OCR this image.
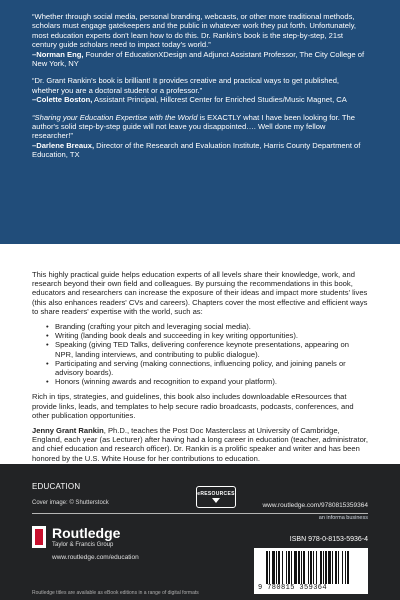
“Whether through social media, personal branding, webcasts, or other more traditional methods, scholars must engage gatekeepers and the public in whatever work they put forth. Unfortunately, most education experts don't learn how to do this. Dr. Rankin's book is the step-by-step, 21st century guide scholars need to impact today's world.”

–Norman Eng, Founder of EducationXDesign and Adjunct Assistant Professor, The City College of New York, NY

“Dr. Grant Rankin's book is brilliant! It provides creative and practical ways to get published, whether you are a doctoral student or a professor.”

–Colette Boston, Assistant Principal, Hillcrest Center for Enriched Studies/Music Magnet, CA

“Sharing your Education Expertise with the World is EXACTLY what I have been looking for. The author's solid step-by-step guide will not leave you disappointed…. Well done my fellow researcher!”

–Darlene Breaux, Director of the Research and Evaluation Institute, Harris County Department of Education, TX

This highly practical guide helps education experts of all levels share their knowledge, work, and research beyond their own field and colleagues. By pursuing the recommendations in this book, educators and researchers can increase the exposure of their ideas and impact more students' lives (this also enhances readers' CVs and careers). Chapters cover the most effective and efficient ways to share readers' expertise with the world, such as:

• Branding (crafting your pitch and leveraging social media).
• Writing (landing book deals and succeeding in key writing opportunities).
• Speaking (giving TED Talks, delivering conference keynote presentations, appearing on NPR, landing interviews, and contributing to public dialogue).
• Participating and serving (making connections, influencing policy, and joining panels or advisory boards).
• Honors (winning awards and recognition to expand your platform).

Rich in tips, strategies, and guidelines, this book also includes downloadable eResources that provide links, leads, and templates to help secure radio broadcasts, podcasts, conferences, and other publication opportunities.

Jenny Grant Rankin, Ph.D., teaches the Post Doc Masterclass at University of Cambridge, England, each year (as Lecturer) after having had a long career in education (teacher, administrator, and chief education and research officer). Dr. Rankin is a prolific speaker and writer and has been honored by the U.S. White House for her contributions to education.

EDUCATION
Cover image: © Shutterstock
eRESOURCES
www.routledge.com/9780815359364
an informa business
Routledge
Taylor & Francis Group
www.routledge.com/education
ISBN 978-0-8153-5936-4
9 780815 359364
Routledge titles are available as eBook editions in a range of digital formats
